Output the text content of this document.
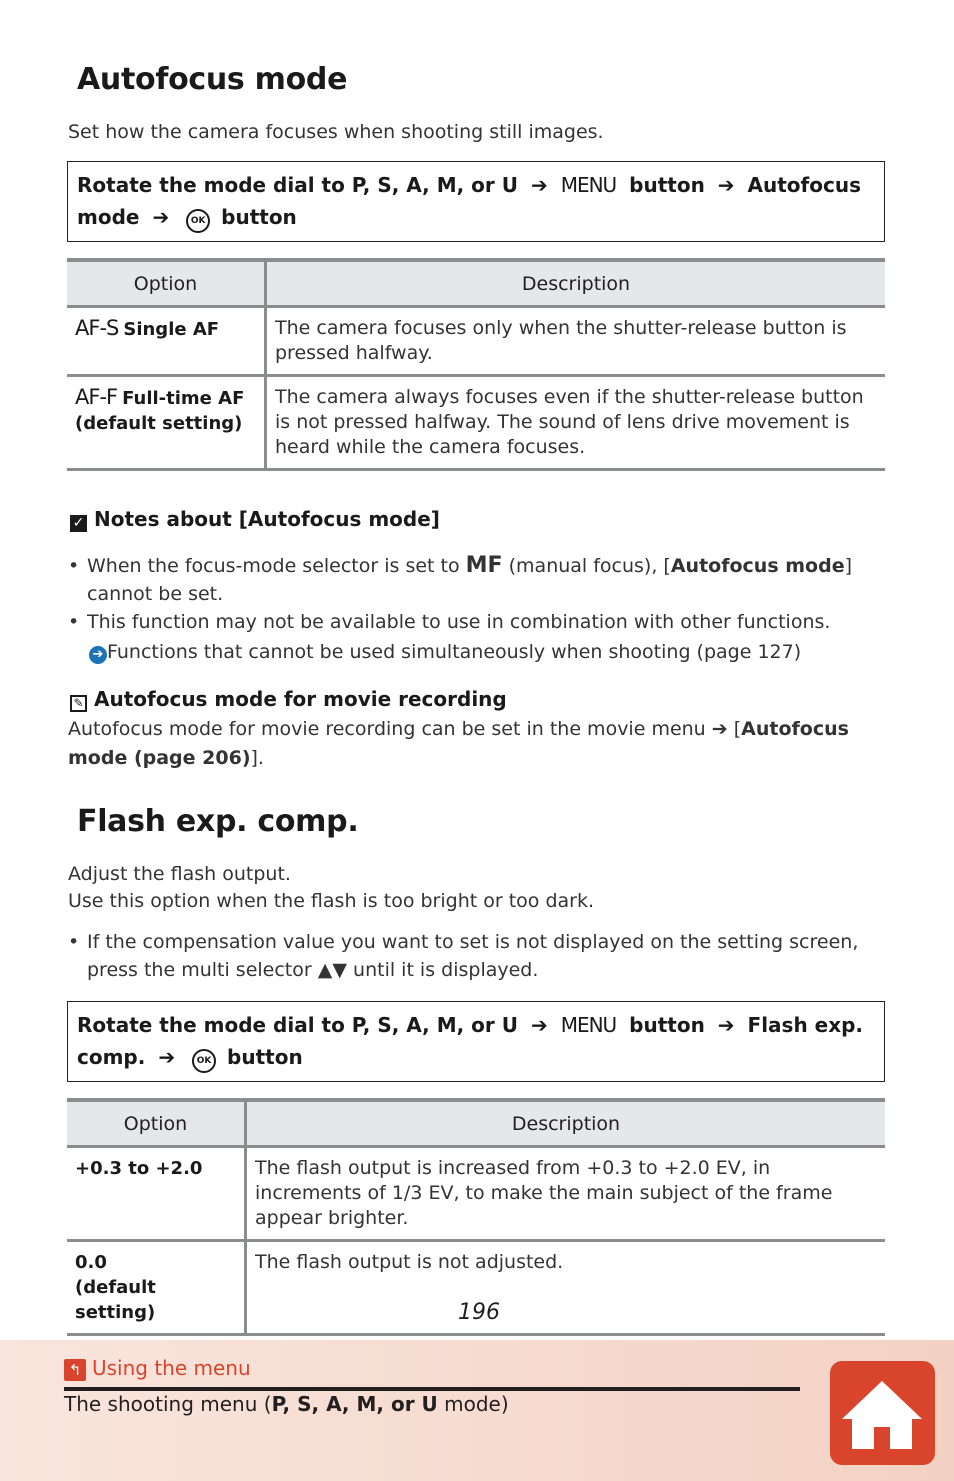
Autofocus mode
Set how the camera focuses when shooting still images.
Rotate the mode dial to P, S, A, M, or U ➔ MENU button ➔ Autofocus mode ➔ OK button
Option	Description
AF-S Single AF	The camera focuses only when the shutter-release button is pressed halfway.
AF-F Full-time AF
(default setting)	The camera always focuses even if the shutter-release button is not pressed halfway. The sound of lens drive movement is heard while the camera focuses.
✓ Notes about [Autofocus mode]
• When the focus-mode selector is set to MF (manual focus), [Autofocus mode] cannot be set.
• This function may not be available to use in combination with other functions.
➔ Functions that cannot be used simultaneously when shooting (page 127)
✎ Autofocus mode for movie recording
Autofocus mode for movie recording can be set in the movie menu ➔ [Autofocus mode (page 206)].
Flash exp. comp.
Adjust the flash output.
Use this option when the flash is too bright or too dark.
• If the compensation value you want to set is not displayed on the setting screen, press the multi selector ▲▼ until it is displayed.
Rotate the mode dial to P, S, A, M, or U ➔ MENU button ➔ Flash exp. comp. ➔ OK button
Option	Description
+0.3 to +2.0	The flash output is increased from +0.3 to +2.0 EV, in increments of 1/3 EV, to make the main subject of the frame appear brighter.
0.0
(default setting)	The flash output is not adjusted.
196
↰ Using the menu
The shooting menu (P, S, A, M, or U mode)
